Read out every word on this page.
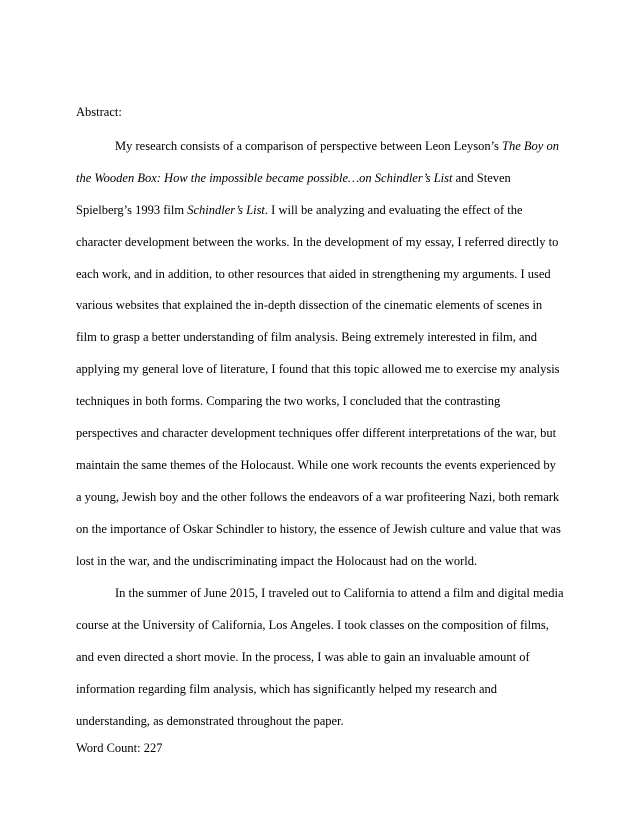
Abstract:
My research consists of a comparison of perspective between Leon Leyson’s The Boy on
the Wooden Box: How the impossible became possible…on Schindler’s List and Steven
Spielberg’s 1993 film Schindler’s List. I will be analyzing and evaluating the effect of the
character development between the works. In the development of my essay, I referred directly to
each work, and in addition, to other resources that aided in strengthening my arguments. I used
various websites that explained the in-depth dissection of the cinematic elements of scenes in
film to grasp a better understanding of film analysis. Being extremely interested in film, and
applying my general love of literature, I found that this topic allowed me to exercise my analysis
techniques in both forms. Comparing the two works, I concluded that the contrasting
perspectives and character development techniques offer different interpretations of the war, but
maintain the same themes of the Holocaust. While one work recounts the events experienced by
a young, Jewish boy and the other follows the endeavors of a war profiteering Nazi, both remark
on the importance of Oskar Schindler to history, the essence of Jewish culture and value that was
lost in the war, and the undiscriminating impact the Holocaust had on the world.
In the summer of June 2015, I traveled out to California to attend a film and digital media
course at the University of California, Los Angeles. I took classes on the composition of films,
and even directed a short movie. In the process, I was able to gain an invaluable amount of
information regarding film analysis, which has significantly helped my research and
understanding, as demonstrated throughout the paper.
Word Count: 227
